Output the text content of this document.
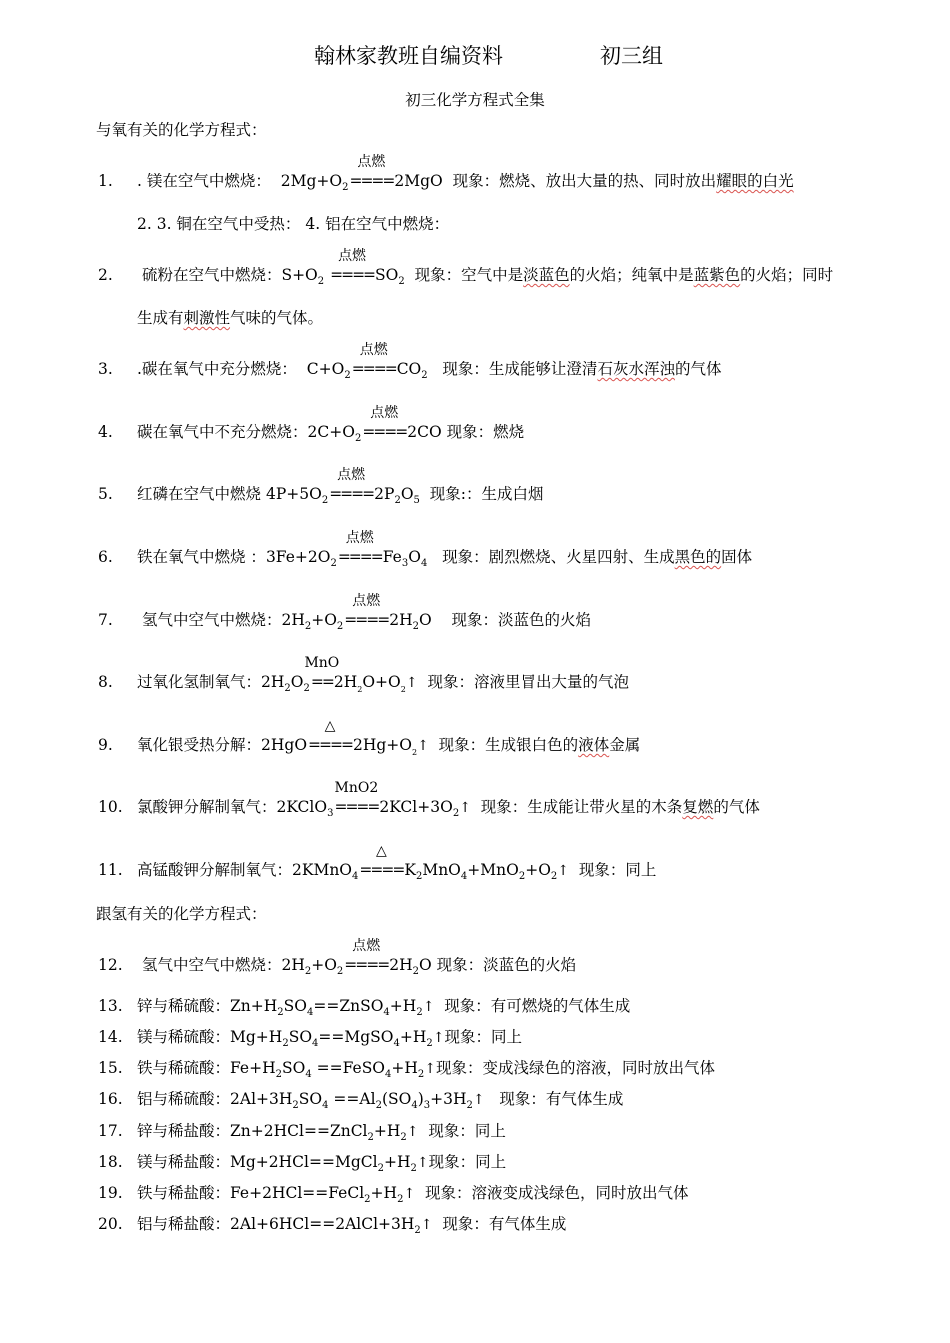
翰林家教班自编资料	初三组
初三化学方程式全集
与氧有关的化学方程式：
1. . 镁在空气中燃烧： $2Mg+O_2$
点燃
====2MgO 现象：燃烧、放出大量的热、同时放出耀眼的白光
2. 3. 铜在空气中受热： 4. 铝在空气中燃烧：
2. 硫粉在空气中燃烧：$S+O_2$
点燃
$====SO_2$ 现象：空气中是淡蓝色的火焰；纯氧中是蓝紫色的火焰；同时
生成有刺激性气味的气体。
3. .碳在氧气中充分燃烧： $C+O_2$
点燃
$====CO_2$ 现象：生成能够让澄清石灰水浑浊的气体
4. 碳在氧气中不充分燃烧：$2C+O_2$
点燃
====2CO 现象：燃烧
5. 红磷在空气中燃烧 $4P+5O_2$
点燃
$====2P_2O_5$ 现象:：生成白烟
6. 铁在氧气中燃烧 ：$3Fe+2O_2$
点燃
$====Fe_3O_4$ 现象：剧烈燃烧、火星四射、生成黑色的固体
7. 氢气中空气中燃烧：$2H_2+O_2$
点燃
$====2H_2O$ 现象：淡蓝色的火焰
8. 过氧化氢制氧气：$2H_2O_2$
MnO
$==2H_2O+O_2↑$ 现象：溶液里冒出大量的气泡
9. 氧化银受热分解：2HgO
△
$====2Hg+O_2↑$ 现象：生成银白色的液体金属
10. 氯酸钾分解制氧气：2KClO$_3$
MnO2
$====2KCl+3O_2↑$ 现象：生成能让带火星的木条复燃的气体
11. 高锰酸钾分解制氧气：2KMnO$_4$
△
$====K_2MnO_4+MnO_2+O_2↑$ 现象：同上
跟氢有关的化学方程式：
12. 氢气中空气中燃烧：$2H_2+O_2$
点燃
$====2H_2O$ 现象：淡蓝色的火焰
13. 锌与稀硫酸：$Zn+H_2SO_4==ZnSO_4+H_2↑$ 现象：有可燃烧的气体生成
14. 镁与稀硫酸：$Mg+H_2SO_4==MgSO_4+H_2↑$现象：同上
15. 铁与稀硫酸：$Fe+H_2SO_4$ $==FeSO_4+H_2↑$现象：变成浅绿色的溶液，同时放出气体
16. 铝与稀硫酸：$2Al+3H_2SO_4$ $==Al_2(SO_4)_3+3H_2↑$ 现象：有气体生成
17. 锌与稀盐酸：$Zn+2HCl==ZnCl_2+H_2↑$ 现象：同上
18. 镁与稀盐酸：$Mg+2HCl==MgCl_2+H_2↑$现象：同上
19. 铁与稀盐酸：$Fe+2HCl==FeCl_2+H_2↑$ 现象：溶液变成浅绿色，同时放出气体
20. 铝与稀盐酸：$2Al+6HCl==2AlCl+3H_2↑$ 现象：有气体生成
